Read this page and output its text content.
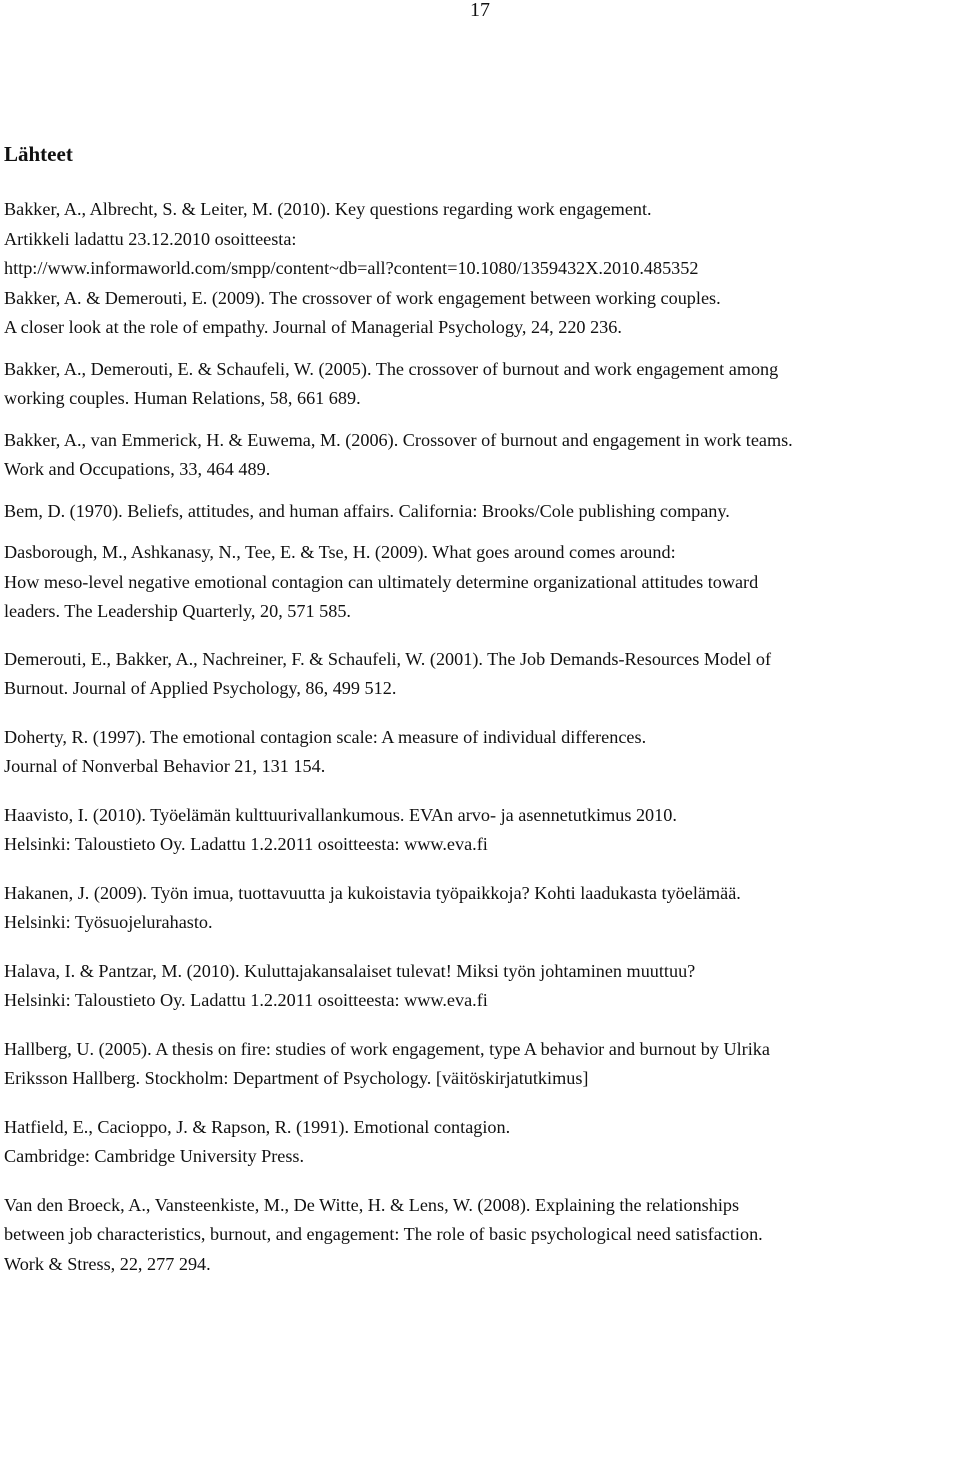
17
Lähteet
Bakker, A., Albrecht, S. & Leiter, M. (2010). Key questions regarding work engagement.
Artikkeli ladattu 23.12.2010 osoitteesta:
http://www.informaworld.com/smpp/content~db=all?content=10.1080/1359432X.2010.485352
Bakker, A. & Demerouti, E. (2009). The crossover of work engagement between working couples.
A closer look at the role of empathy. Journal of Managerial Psychology, 24, 220 236.
Bakker, A., Demerouti, E. & Schaufeli, W. (2005). The crossover of burnout and work engagement among
working couples. Human Relations, 58, 661 689.
Bakker, A., van Emmerick, H. & Euwema, M. (2006). Crossover of burnout and engagement in work teams.
Work and Occupations, 33, 464 489.
Bem, D. (1970). Beliefs, attitudes, and human affairs. California: Brooks/Cole publishing company.
Dasborough, M., Ashkanasy, N., Tee, E. & Tse, H. (2009). What goes around comes around:
How meso-level negative emotional contagion can ultimately determine organizational attitudes toward
leaders. The Leadership Quarterly, 20, 571 585.
Demerouti, E., Bakker, A., Nachreiner, F. & Schaufeli, W. (2001). The Job Demands-Resources Model of
Burnout. Journal of Applied Psychology, 86, 499 512.
Doherty, R. (1997). The emotional contagion scale: A measure of individual differences.
Journal of Nonverbal Behavior 21, 131 154.
Haavisto, I. (2010). Työelämän kulttuurivallankumous. EVAn arvo- ja asennetutkimus 2010.
Helsinki: Taloustieto Oy. Ladattu 1.2.2011 osoitteesta: www.eva.fi
Hakanen, J. (2009). Työn imua, tuottavuutta ja kukoistavia työpaikkoja? Kohti laadukasta työelämää.
Helsinki: Työsuojelurahasto.
Halava, I. & Pantzar, M. (2010). Kuluttajakansalaiset tulevat! Miksi työn johtaminen muuttuu?
Helsinki: Taloustieto Oy. Ladattu 1.2.2011 osoitteesta: www.eva.fi
Hallberg, U. (2005). A thesis on fire: studies of work engagement, type A behavior and burnout by Ulrika
Eriksson Hallberg. Stockholm: Department of Psychology. [väitöskirjatutkimus]
Hatfield, E., Cacioppo, J. & Rapson, R. (1991). Emotional contagion.
Cambridge: Cambridge University Press.
Van den Broeck, A., Vansteenkiste, M., De Witte, H. & Lens, W. (2008). Explaining the relationships
between job characteristics, burnout, and engagement: The role of basic psychological need satisfaction.
Work & Stress, 22, 277 294.
